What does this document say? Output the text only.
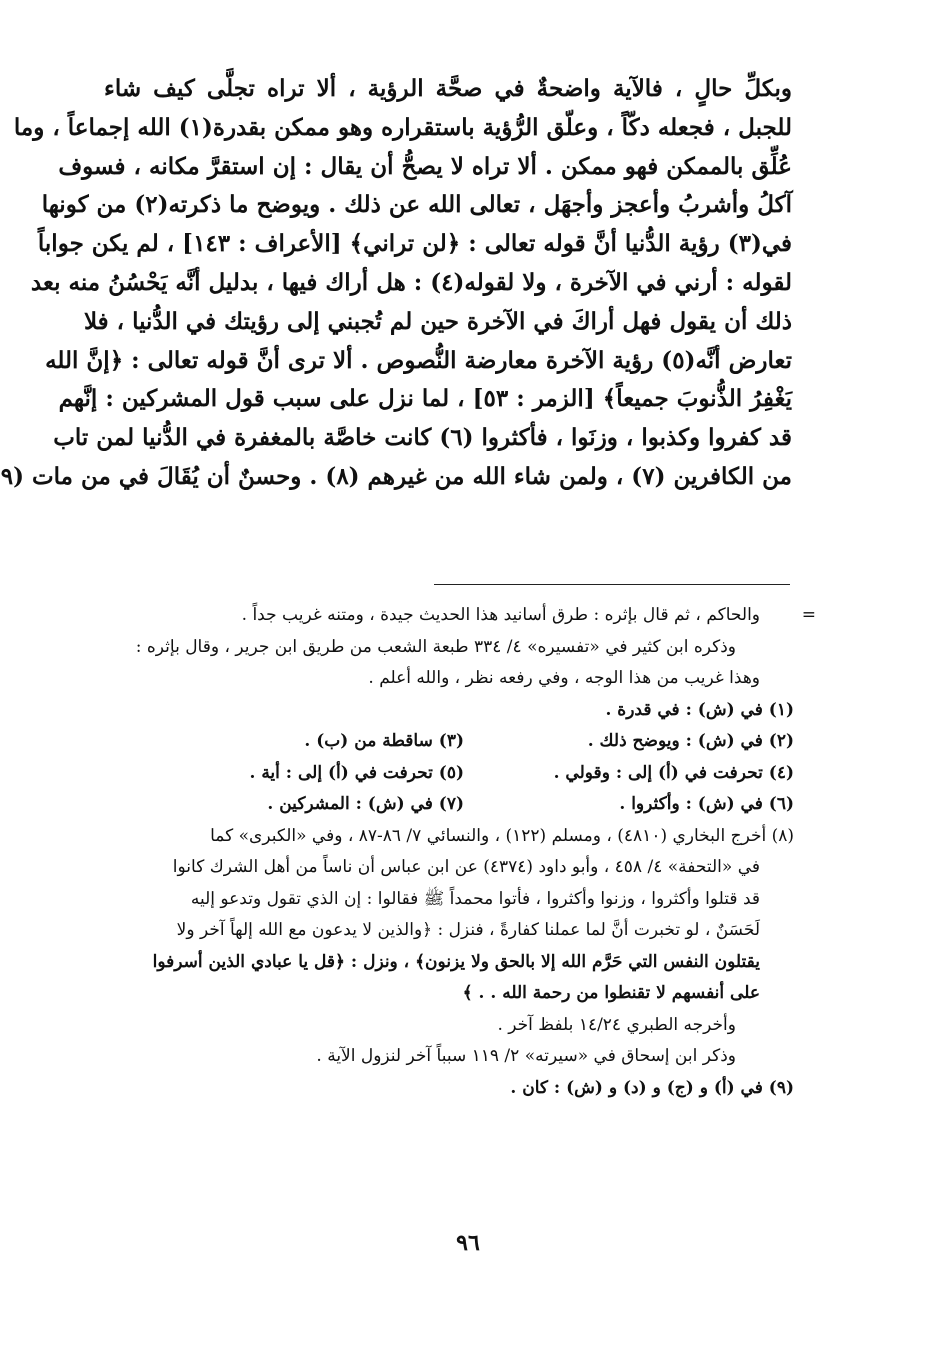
وبكلِّ حالٍ ، فالآية واضحةٌ في صحَّة الرؤية ، ألا تراه تجلَّى كيف شاء
للجبل ، فجعله دكّاً ، وعلّق الرُّؤية باستقراره وهو ممكن بقدرة(١) الله إجماعاً ، وما
عُلِّق بالممكن فهو ممكن . ألا تراه لا يصحُّ أن يقال : إن استقرَّ مكانه ، فسوف
آكلُ وأشربُ وأعجز وأجهَل ، تعالى الله عن ذلك . ويوضح ما ذكرته(٢) من كونها
في(٣) رؤية الدُّنيا أنَّ قوله تعالى : ﴿لن تراني﴾ [الأعراف : ١٤٣] ، لم يكن جواباً
لقوله : أرني في الآخرة ، ولا لقوله(٤) : هل أراك فيها ، بدليل أنَّه يَحْسُنُ منه بعد
ذلك أن يقول فهل أراكَ في الآخرة حين لم تُجبني إلى رؤيتك في الدُّنيا ، فلا
تعارض أنَّه(٥) رؤية الآخرة معارضة النُّصوص . ألا ترى أنَّ قوله تعالى : ﴿إنَّ الله
يَغْفِرُ الذُّنوبَ جميعاً﴾ [الزمر : ٥٣] ، لما نزل على سبب قول المشركين : إنَّهم
قد كفروا وكذبوا ، وزنَوا ، فأكثروا (٦) كانت خاصَّة بالمغفرة في الدُّنيا لمن تاب
من الكافرين (٧) ، ولمن شاء الله من غيرهم (٨) . وحسنٌ أن يُقَالَ في من مات (٩
=
والحاكم ، ثم قال بإثره : طرق أسانيد هذا الحديث جيدة ، ومتنه غريب جداً .
وذكره ابن كثير في «تفسيره» ٤/ ٣٣٤ طبعة الشعب من طريق ابن جرير ، وقال بإثره :
وهذا غريب من هذا الوجه ، وفي رفعه نظر ، والله أعلم .
(١) في (ش) : في قدرة .
(٢) في (ش) : ويوضح ذلك .
(٣) ساقطة من (ب) .
(٤) تحرفت في (أ) إلى : وقولي .
(٥) تحرفت في (أ) إلى : أية .
(٦) في (ش) : وأكثروا .
(٧) في (ش) : المشركين .
(٨) أخرج البخاري (٤٨١٠) ، ومسلم (١٢٢) ، والنسائي ٧/ ٨٦-٨٧ ، وفي «الكبرى» كما
في «التحفة» ٤/ ٤٥٨ ، وأبو داود (٤٣٧٤) عن ابن عباس أن ناساً من أهل الشرك كانوا
قد قتلوا وأكثروا ، وزنوا وأكثروا ، فأتوا محمداً ﷺ فقالوا : إن الذي تقول وتدعو إليه
لَحَسَنٌ ، لو تخبرت أنَّ لما عملنا كفارةً ، فنزل : ﴿والذين لا يدعون مع الله إلهاً آخر ولا
يقتلون النفس التي حَرَّم الله إلا بالحق ولا يزنون﴾ ، ونزل : ﴿قل يا عبادي الذين أسرفوا
على أنفسهم لا تقنطوا من رحمة الله . . ﴾
وأخرجه الطبري ١٤/٢٤ بلفظ آخر .
وذكر ابن إسحاق في «سيرته» ٢/ ١١٩ سبباً آخر لنزول الآية .
(٩) في (أ) و (ج) و (د) و (ش) : كان .
٩٦
